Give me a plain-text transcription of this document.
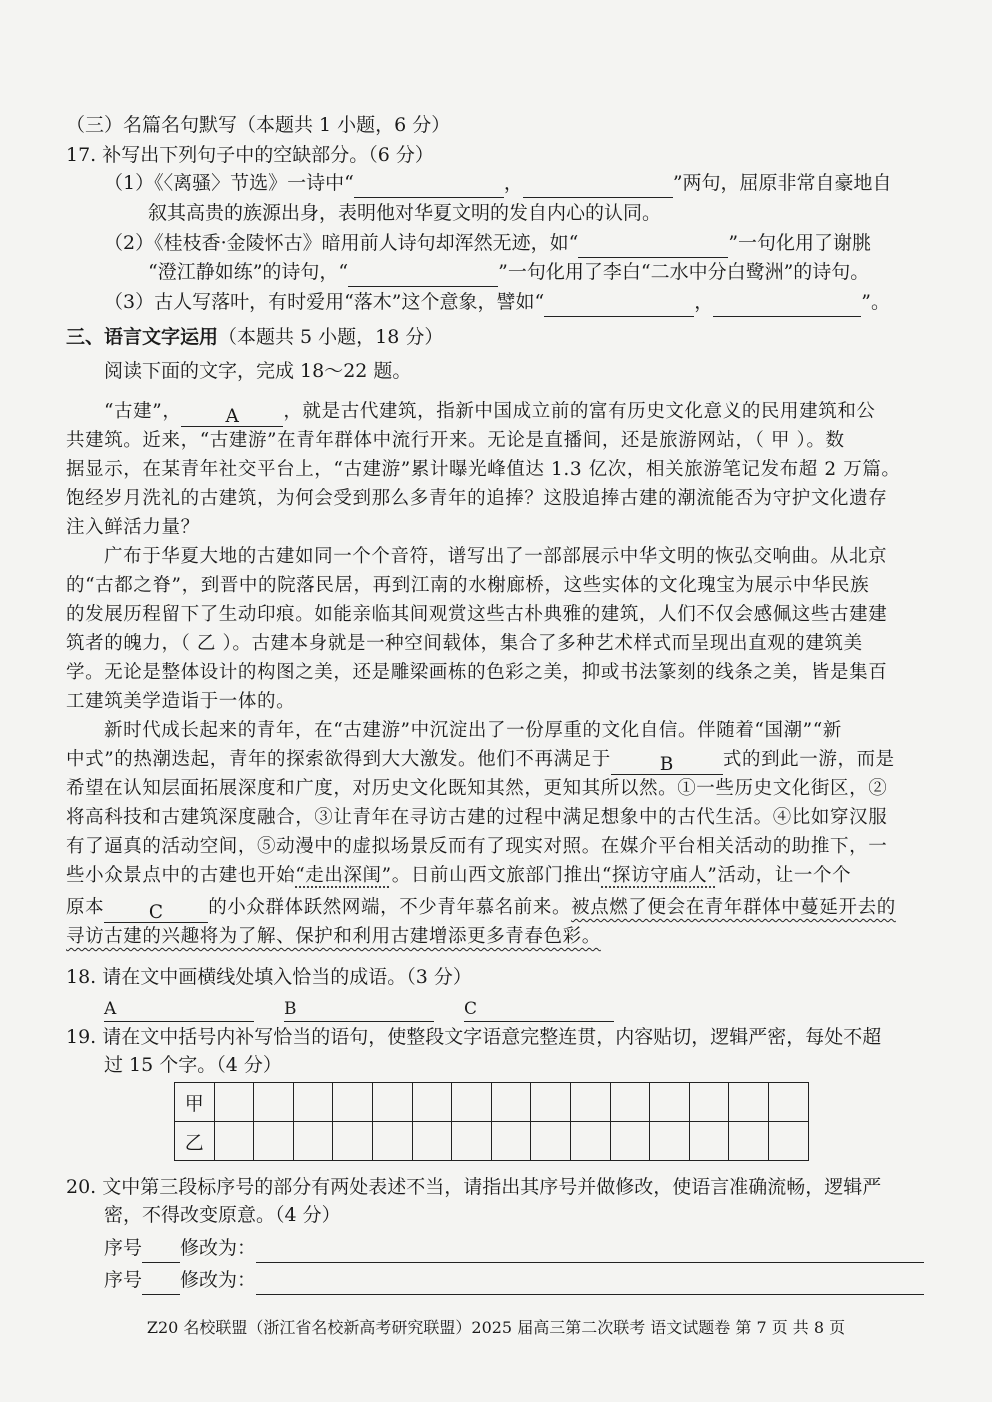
（三）名篇名句默写（本题共 1 小题，6 分）
17. 补写出下列句子中的空缺部分。（6 分）
（1）《〈离骚〉节选》一诗中“	，	”两句，屈原非常自豪地自
叙其高贵的族源出身，表明他对华夏文明的发自内心的认同。
（2）《桂枝香·金陵怀古》暗用前人诗句却浑然无迹，如“	”一句化用了谢朓
“澄江静如练”的诗句，“	”一句化用了李白“二水中分白鹭洲”的诗句。
（3）古人写落叶，有时爱用“落木”这个意象，譬如“	，	”。
三、语言文字运用（本题共 5 小题，18 分）
阅读下面的文字，完成 18～22 题。
“古建”， A ，就是古代建筑，指新中国成立前的富有历史文化意义的民用建筑和公
共建筑。近来，“古建游”在青年群体中流行开来。无论是直播间，还是旅游网站，（ 甲 ）。数
据显示，在某青年社交平台上，“古建游”累计曝光峰值达 1.3 亿次，相关旅游笔记发布超 2 万篇。
饱经岁月洗礼的古建筑，为何会受到那么多青年的追捧？这股追捧古建的潮流能否为守护文化遗存
注入鲜活力量？
广布于华夏大地的古建如同一个个音符，谱写出了一部部展示中华文明的恢弘交响曲。从北京
的“古都之脊”，到晋中的院落民居，再到江南的水榭廊桥，这些实体的文化瑰宝为展示中华民族
的发展历程留下了生动印痕。如能亲临其间观赏这些古朴典雅的建筑，人们不仅会感佩这些古建建
筑者的魄力，（ 乙 ）。古建本身就是一种空间载体，集合了多种艺术样式而呈现出直观的建筑美
学。无论是整体设计的构图之美，还是雕梁画栋的色彩之美，抑或书法篆刻的线条之美，皆是集百
工建筑美学造诣于一体的。
新时代成长起来的青年，在“古建游”中沉淀出了一份厚重的文化自信。伴随着“国潮”“新
中式”的热潮迭起，青年的探索欲得到大大激发。他们不再满足于	B	式的到此一游，而是
希望在认知层面拓展深度和广度，对历史文化既知其然，更知其所以然。①一些历史文化街区，②
将高科技和古建筑深度融合，③让青年在寻访古建的过程中满足想象中的古代生活。④比如穿汉服
有了逼真的活动空间，⑤动漫中的虚拟场景反而有了现实对照。在媒介平台相关活动的助推下，一
些小众景点中的古建也开始“走出深闺”。日前山西文旅部门推出“探访守庙人”活动，让一个个
原本 C 的小众群体跃然网端，不少青年慕名前来。被点燃了便会在青年群体中蔓延开去的
寻访古建的兴趣将为了解、保护和利用古建增添更多青春色彩。
18. 请在文中画横线处填入恰当的成语。（3 分）
A	B	C
19. 请在文中括号内补写恰当的语句，使整段文字语意完整连贯，内容贴切，逻辑严密，每处不超
过 15 个字。（4 分）
甲															
乙															
20. 文中第三段标序号的部分有两处表述不当，请指出其序号并做修改，使语言准确流畅，逻辑严
密，不得改变原意。（4 分）
序号 修改为：
序号 修改为：
Z20 名校联盟（浙江省名校新高考研究联盟）2025 届高三第二次联考 语文试题卷 第 7 页 共 8 页
